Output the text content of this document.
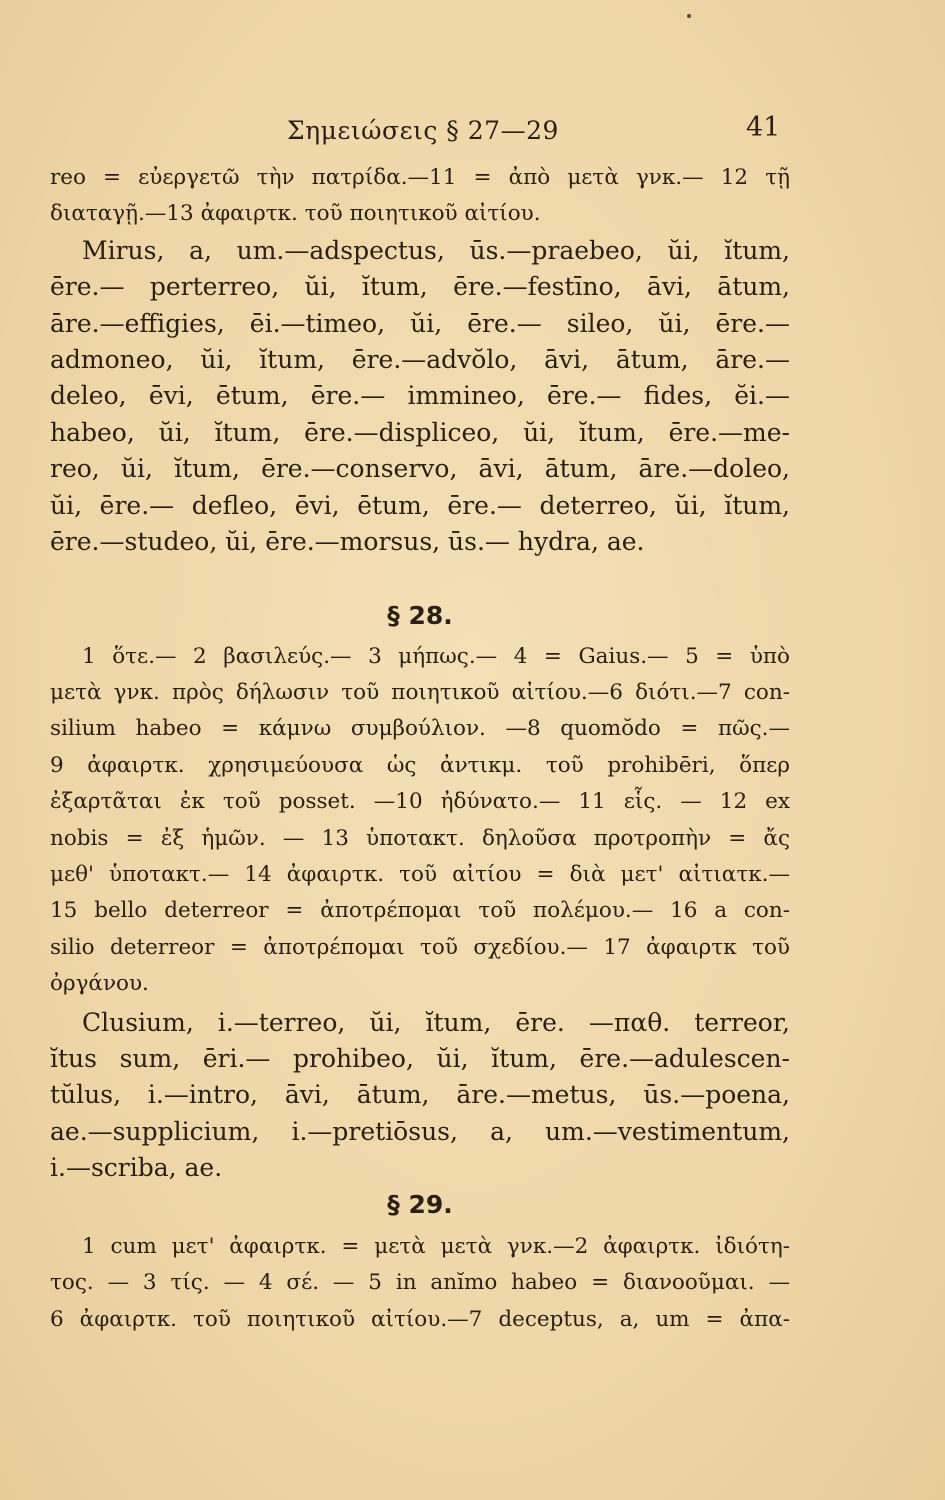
Σημειώσεις § 27—29	41
reo = εὐεργετῶ τὴν πατρίδα.—11 = ἀπὸ μετὰ γνκ.— 12 τῇ
διαταγῇ.—13 ἀφαιρτκ. τοῦ ποιητικοῦ αἰτίου.
Mirus, a, um.—adspectus, ūs.—praebeo, ŭi, ĭtum,
ēre.— perterreo, ŭi, ĭtum, ēre.—festīno, āvi, ātum,
āre.—effigies, ēi.—timeo, ŭi, ēre.— sileo, ŭi, ēre.—
admoneo, ŭi, ĭtum, ēre.—advŏlo, āvi, ātum, āre.—
deleo, ēvi, ētum, ēre.— immineo, ēre.— fides, ĕi.—
habeo, ŭi, ĭtum, ēre.—displiceo, ŭi, ĭtum, ēre.—me-
reo, ŭi, ĭtum, ēre.—conservo, āvi, ātum, āre.—doleo,
ŭi, ēre.— defleo, ēvi, ētum, ēre.— deterreo, ŭi, ĭtum,
ēre.—studeo, ŭi, ēre.—morsus, ūs.— hydra, ae.
§ 28.
1 ὅτε.— 2 βασιλεύς.— 3 μήπως.— 4 = Gaius.— 5 = ὑπὸ
μετὰ γνκ. πρὸς δήλωσιν τοῦ ποιητικοῦ αἰτίου.—6 διότι.—7 con-
silium habeo = κάμνω συμβούλιον. —8 quomŏdo = πῶς.—
9 ἀφαιρτκ. χρησιμεύουσα ὡς ἀντικμ. τοῦ prohibēri, ὅπερ
ἐξαρτᾶται ἐκ τοῦ posset. —10 ἠδύνατο.— 11 εἷς. — 12 ex
nobis = ἐξ ἡμῶν. — 13 ὑποτακτ. δηλοῦσα προτροπὴν = ἄς
μεθ' ὑποτακτ.— 14 ἀφαιρτκ. τοῦ αἰτίου = διὰ μετ' αἰτιατκ.—
15 bello deterreor = ἀποτρέπομαι τοῦ πολέμου.— 16 a con-
silio deterreor = ἀποτρέπομαι τοῦ σχεδίου.— 17 ἀφαιρτκ τοῦ
ὀργάνου.
Clusium, i.—terreo, ŭi, ĭtum, ēre. —παθ. terreor,
ĭtus sum, ēri.— prohibeo, ŭi, ĭtum, ēre.—adulescen-
tŭlus, i.—intro, āvi, ātum, āre.—metus, ūs.—poena,
ae.—supplicium, i.—pretiōsus, a, um.—vestimentum,
i.—scriba, ae.
§ 29.
1 cum μετ' ἀφαιρτκ. = μετὰ μετὰ γνκ.—2 ἀφαιρτκ. ἰδιότη-
τος. — 3 τίς. — 4 σέ. — 5 in anĭmo habeo = διανοοῦμαι. —
6 ἀφαιρτκ. τοῦ ποιητικοῦ αἰτίου.—7 deceptus, a, um = ἀπα-
